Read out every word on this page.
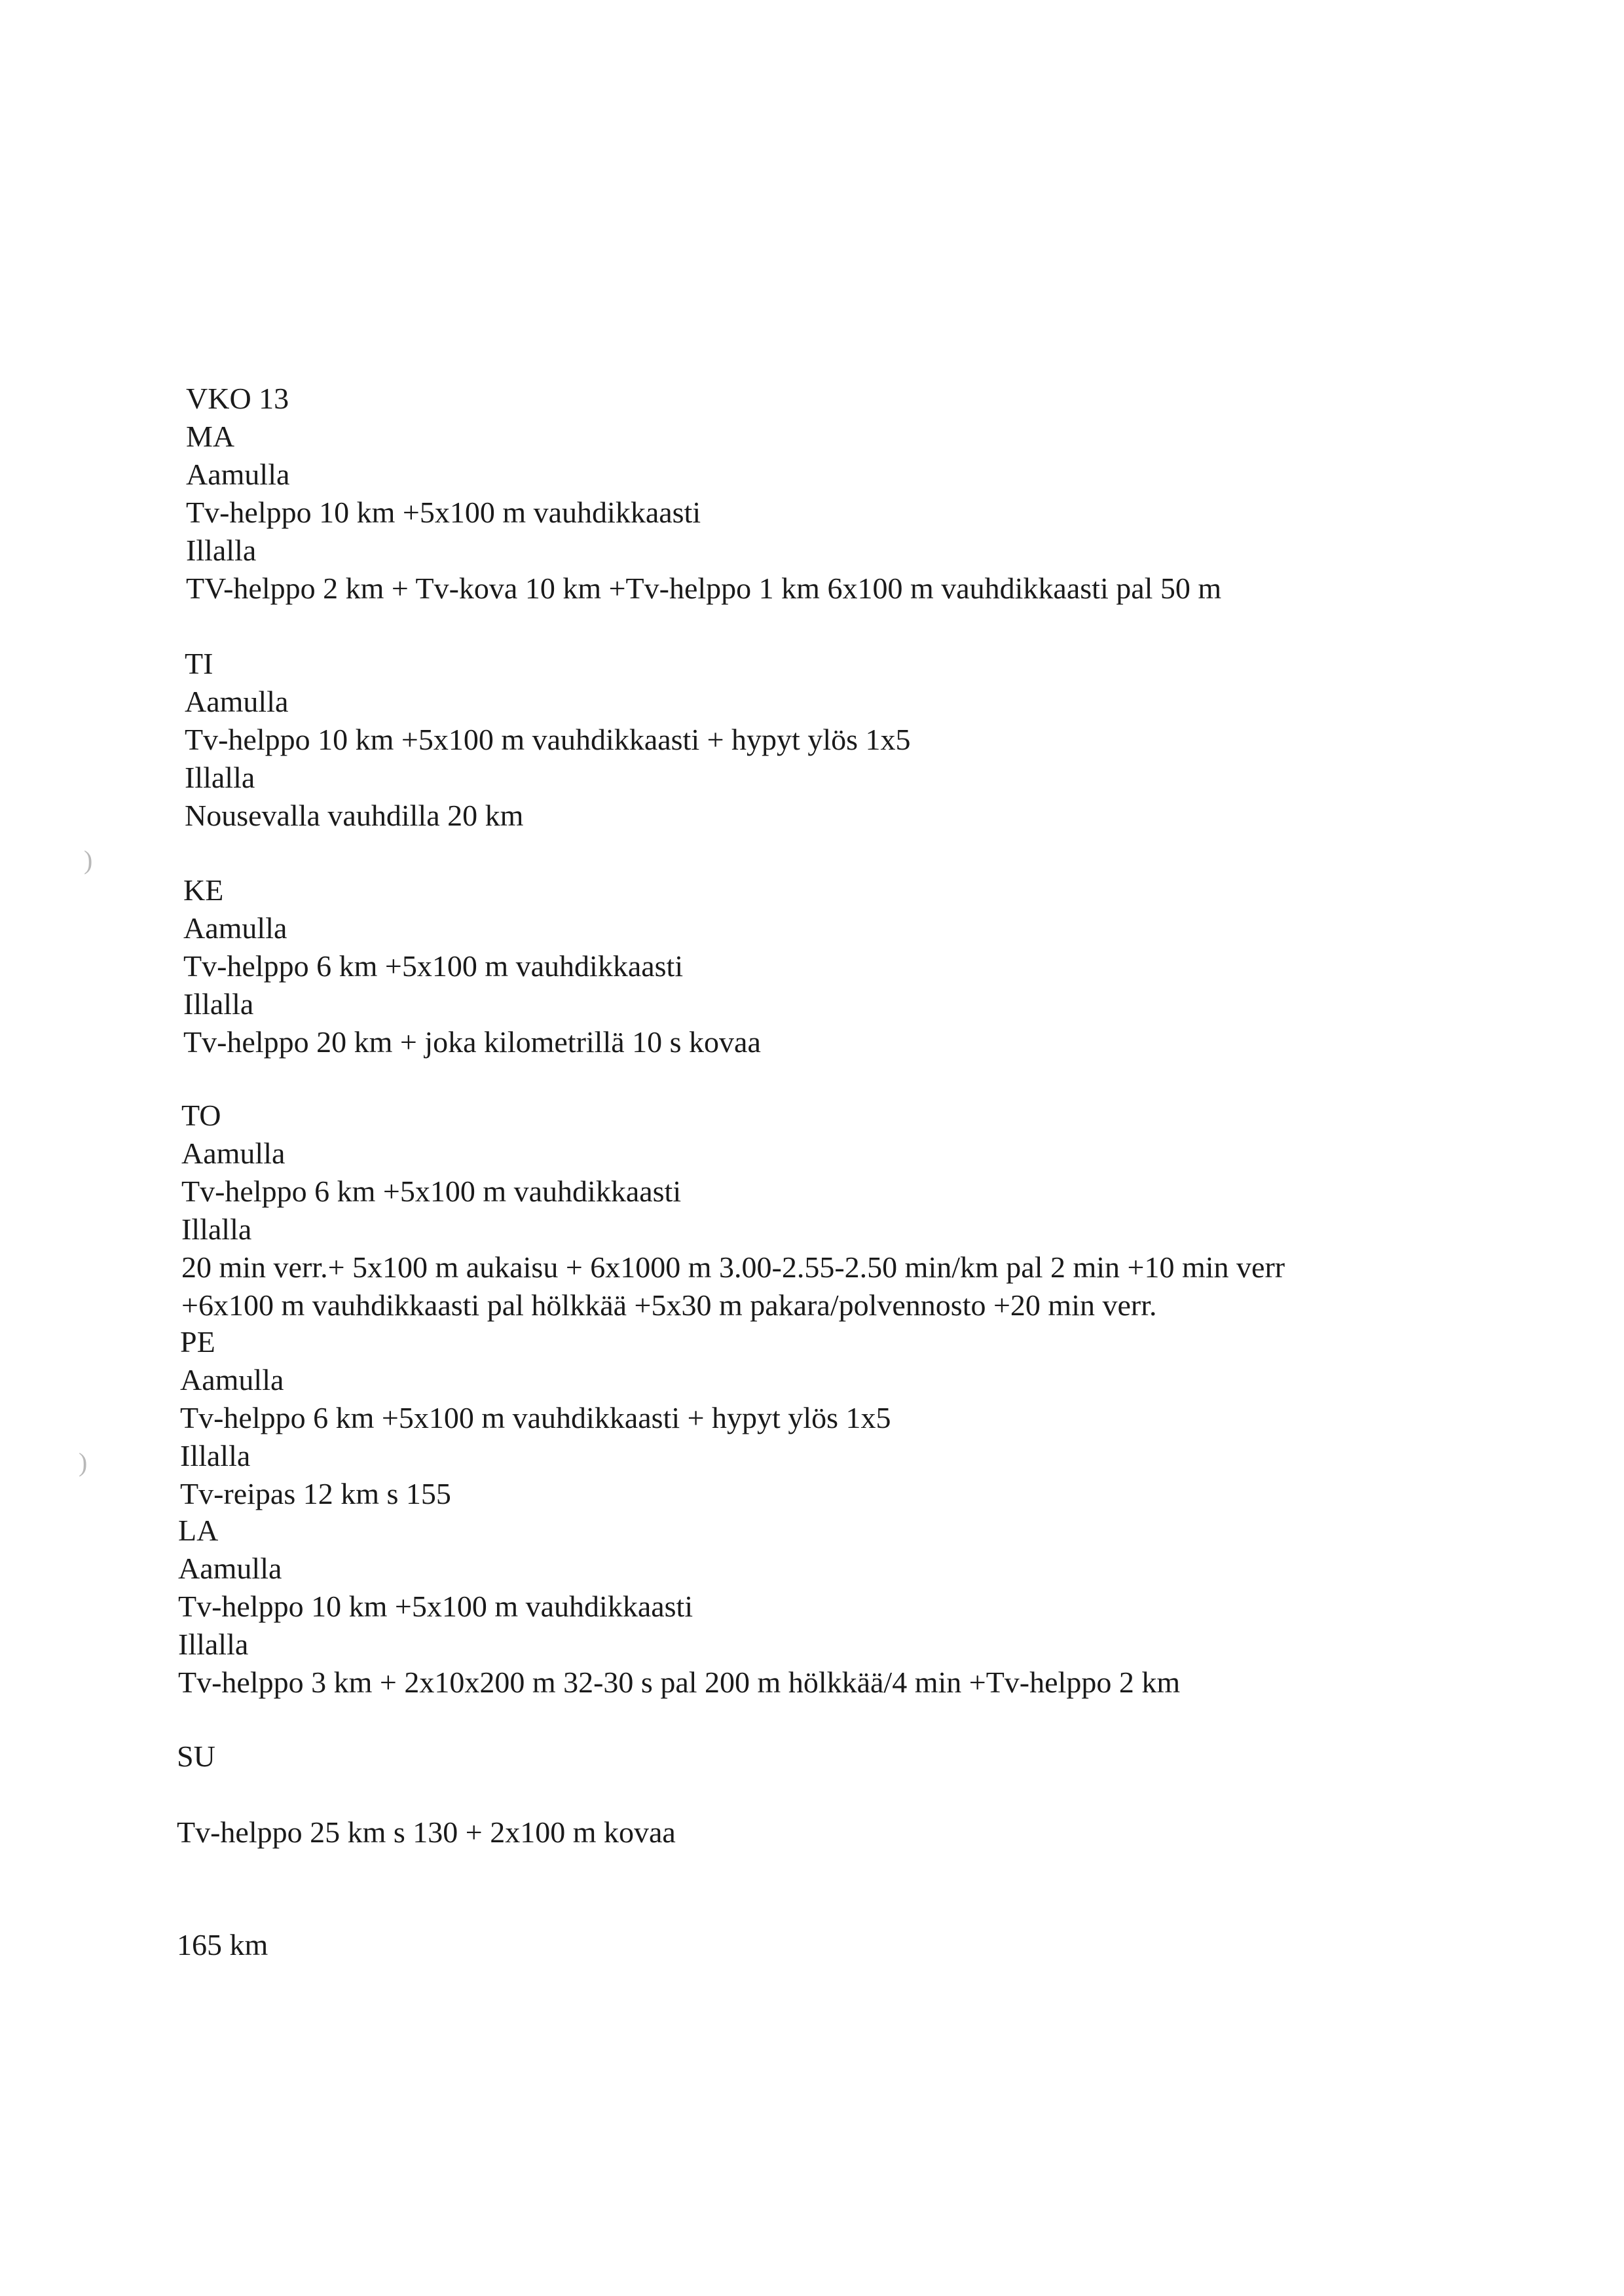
)
)
VKO 13
MA
Aamulla
Tv-helppo 10 km +5x100 m vauhdikkaasti
Illalla
TV-helppo 2 km + Tv-kova 10 km +Tv-helppo 1 km 6x100 m vauhdikkaasti pal 50 m
TI
Aamulla
Tv-helppo 10 km +5x100 m vauhdikkaasti + hypyt ylös 1x5
Illalla
Nousevalla vauhdilla 20 km
KE
Aamulla
Tv-helppo 6 km +5x100 m vauhdikkaasti
Illalla
Tv-helppo 20 km + joka kilometrillä 10 s kovaa
TO
Aamulla
Tv-helppo 6 km +5x100 m vauhdikkaasti
Illalla
20 min verr.+ 5x100 m aukaisu + 6x1000 m 3.00-2.55-2.50 min/km pal 2 min +10 min verr
+6x100 m vauhdikkaasti pal hölkkää +5x30 m pakara/polvennosto +20 min verr.
PE
Aamulla
Tv-helppo 6 km +5x100 m vauhdikkaasti + hypyt ylös 1x5
Illalla
Tv-reipas 12 km s 155
LA
Aamulla
Tv-helppo 10 km +5x100 m vauhdikkaasti
Illalla
Tv-helppo 3 km + 2x10x200 m 32-30 s pal 200 m hölkkää/4 min +Tv-helppo 2 km
SU
Tv-helppo 25 km s 130 + 2x100 m kovaa
165 km
